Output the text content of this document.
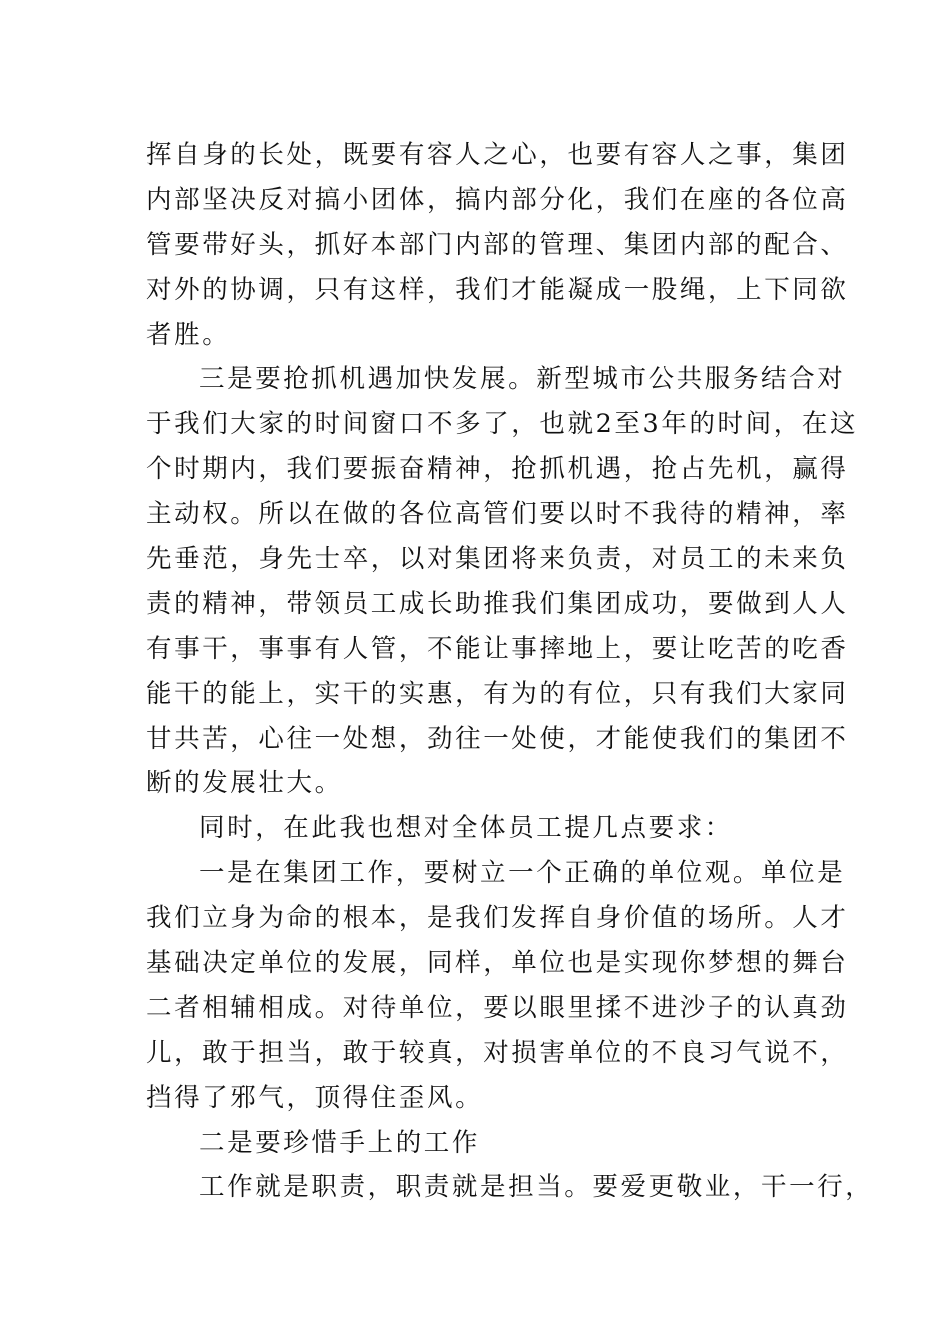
挥自身的长处，既要有容人之心，也要有容人之事，集团
内部坚决反对搞小团体，搞内部分化，我们在座的各位高
管要带好头，抓好本部门内部的管理、集团内部的配合、
对外的协调，只有这样，我们才能凝成一股绳，上下同欲
者胜。
三是要抢抓机遇加快发展。新型城市公共服务结合对
于我们大家的时间窗口不多了，也就2至3年的时间，在这
个时期内，我们要振奋精神，抢抓机遇，抢占先机，赢得
主动权。所以在做的各位高管们要以时不我待的精神，率
先垂范，身先士卒，以对集团将来负责，对员工的未来负
责的精神，带领员工成长助推我们集团成功，要做到人人
有事干，事事有人管，不能让事摔地上，要让吃苦的吃香
能干的能上，实干的实惠，有为的有位，只有我们大家同
甘共苦，心往一处想，劲往一处使，才能使我们的集团不
断的发展壮大。
同时，在此我也想对全体员工提几点要求：
一是在集团工作，要树立一个正确的单位观。单位是
我们立身为命的根本，是我们发挥自身价值的场所。人才
基础决定单位的发展，同样，单位也是实现你梦想的舞台
二者相辅相成。对待单位，要以眼里揉不进沙子的认真劲
儿，敢于担当，敢于较真，对损害单位的不良习气说不，
挡得了邪气，顶得住歪风。
二是要珍惜手上的工作
工作就是职责，职责就是担当。要爱更敬业，干一行，
